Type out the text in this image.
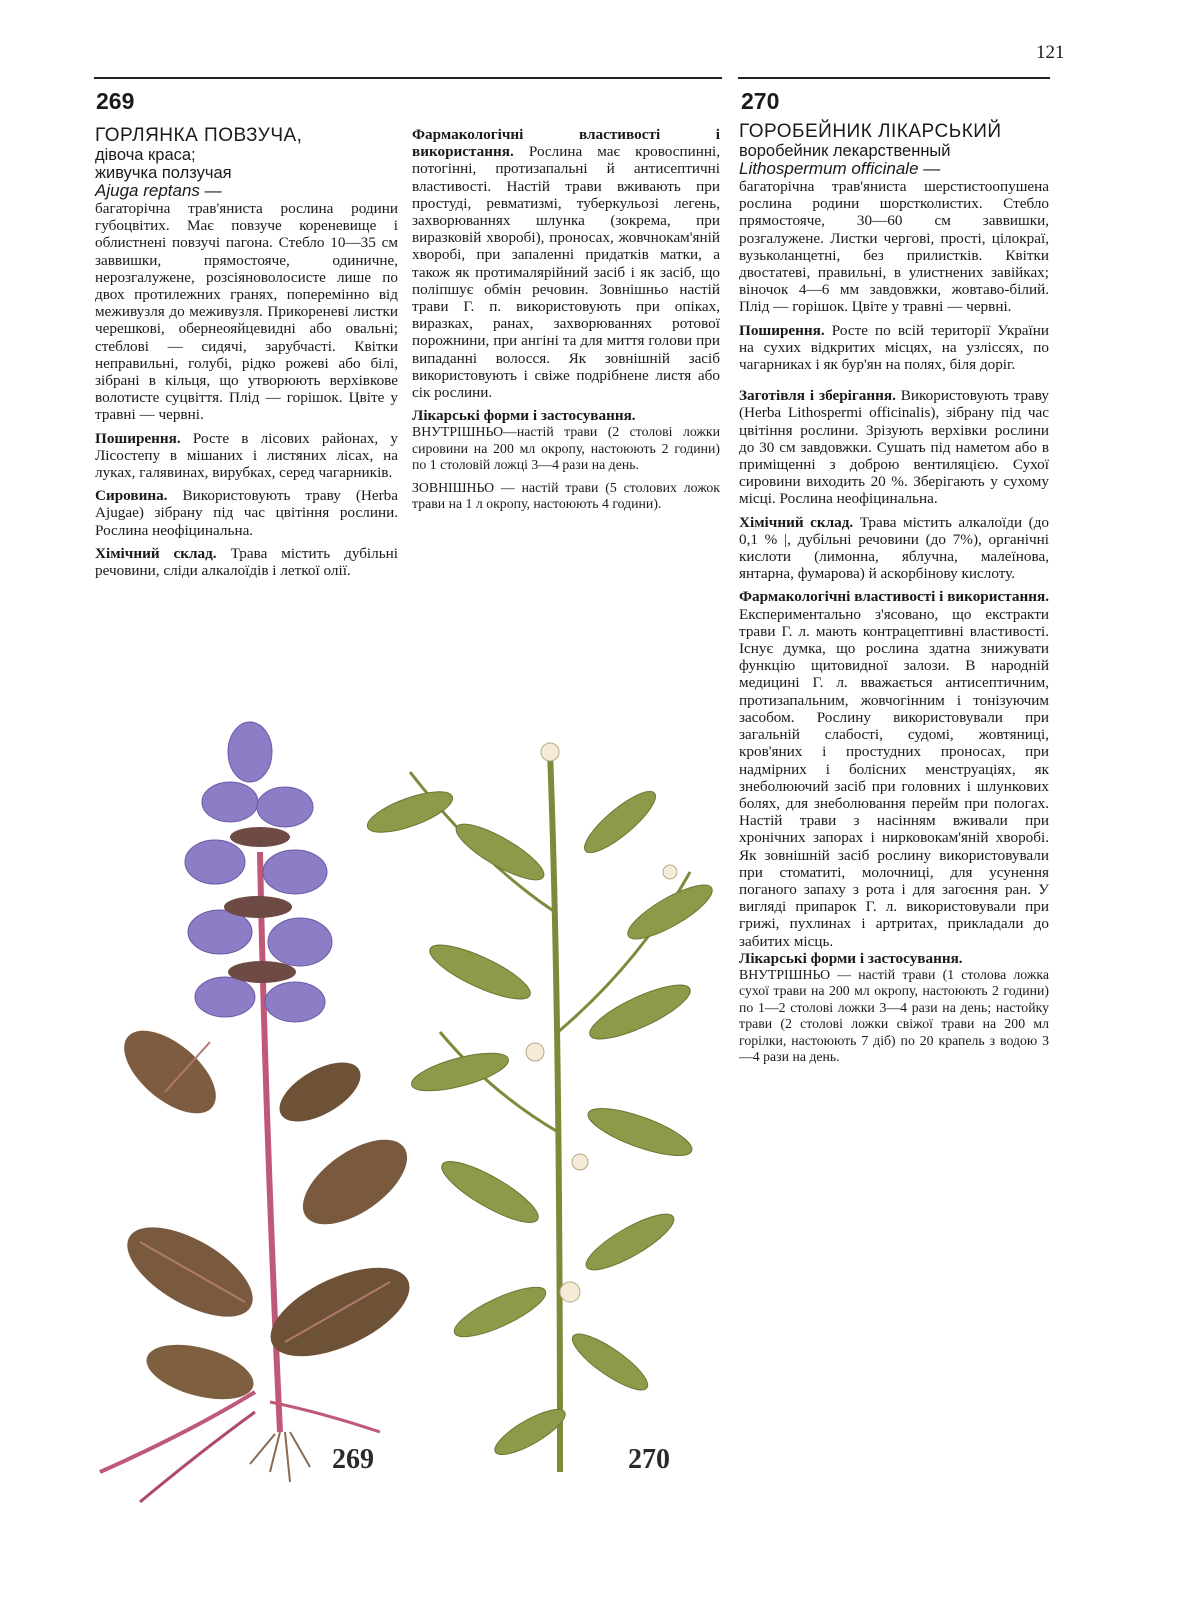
121
269	270
ГОРЛЯНКА ПОВЗУЧА,
дівоча краса;
живучка ползучая
Ajuga reptans —

багаторічна трав'яниста рослина родини губоцвітих. Має повзуче кореневище і облистнені повзучі пагона. Стебло 10—35 см заввишки, прямостояче, одиничне, нерозгалужене, розсіяноволосисте лише по двох протилежних гранях, поперемінно від меживузля до меживузля. Прикореневі листки черешкові, обернеояйцевидні або овальні; стеблові — сидячі, зарубчасті. Квітки неправильні, голубі, рідко рожеві або білі, зібрані в кільця, що утворюють верхівкове волотисте суцвіття. Плід — горішок. Цвіте у травні — червні.

Поширення. Росте в лісових районах, у Лісостепу в мішаних і листяних лісах, на луках, галявинах, вирубках, серед чагарників.

Сировина. Використовують траву (Herba Ajugae) зібрану під час цвітіння рослини. Рослина неофіцинальна.

Хімічний склад. Трава містить дубільні речовини, сліди алкалоїдів і леткої олії.

Фармакологічні властивості і використання. Рослина має кровоспинні, потогінні, протизапальні й антисептичні властивості. Настій трави вживають при простуді, ревматизмі, туберкульозі легень, захворюваннях шлунка (зокрема, при виразковій хворобі), проносах, жовчнокам'яній хворобі, при запаленні придатків матки, а також як протималярійний засіб і як засіб, що поліпшує обмін речовин. Зовнішньо настій трави Г. п. використовують при опіках, виразках, ранах, захворюваннях ротової порожнини, при ангіні та для миття голови при випаданні волосся. Як зовнішній засіб використовують і свіже подрібнене листя або сік рослини.

Лікарські форми і застосування.

ВНУТРІШНЬО—настій трави (2 столові ложки сировини на 200 мл окропу, настоюють 2 години) по 1 столовій ложці 3—4 рази на день.

ЗОВНІШНЬО — настій трави (5 столових ложок трави на 1 л окропу, настоюють 4 години).

ГОРОБЕЙНИК ЛІКАРСЬКИЙ
воробейник лекарственный
Lithospermum officinale —

багаторічна трав'яниста шерстистоопушена рослина родини шорстколистих. Стебло прямостояче, 30—60 см заввишки, розгалужене. Листки чергові, прості, цілокраї, вузьколанцетні, без прилистків. Квітки двостатеві, правильні, в улистнених завійках; віночок 4—6 мм завдовжки, жовтаво-білий. Плід — горішок. Цвіте у травні — червні.

Поширення. Росте по всій території України на сухих відкритих місцях, на узліссях, по чагарниках і як бур'ян на полях, біля доріг.

Заготівля і зберігання. Використовують траву (Herba Lithospermi officinalis), зібрану під час цвітіння рослини. Зрізують верхівки рослини до 30 см завдовжки. Сушать під наметом або в приміщенні з доброю вентиляцією. Сухої сировини виходить 20 %. Зберігають у сухому місці. Рослина неофіцинальна.

Хімічний склад. Трава містить алкалоїди (до 0,1 % |, дубільні речовини (до 7%), органічні кислоти (лимонна, яблучна, малеїнова, янтарна, фумарова) й аскорбінову кислоту.

Фармакологічні властивості і використання. Експериментально з'ясовано, що екстракти трави Г. л. мають контрацептивні властивості. Існує думка, що рослина здатна знижувати функцію щитовидної залози. В народній медицині Г. л. вважається антисептичним, протизапальним, жовчогінним і тонізуючим засобом. Рослину використовували при загальній слабості, судомі, жовтяниці, кров'яних і простудних проносах, при надмірних і болісних менструаціях, як знеболюючий засіб при головних і шлункових болях, для знеболювання перейм при пологах. Настій трави з насінням вживали при хронічних запорах і нирковокам'яній хворобі. Як зовнішній засіб рослину використовували при стоматиті, молочниці, для усунення поганого запаху з рота і для загоєння ран. У вигляді припарок Г. л. використовували при грижі, пухлинах і артритах, прикладали до забитих місць.

Лікарські форми і застосування.

ВНУТРІШНЬО — настій трави (1 столова ложка сухої трави на 200 мл окропу, настоюють 2 години) по 1—2 столові ложки 3—4 рази на день; настойку трави (2 столові ложки свіжої трави на 200 мл горілки, настоюють 7 діб) по 20 крапель з водою 3—4 рази на день.

269	270
